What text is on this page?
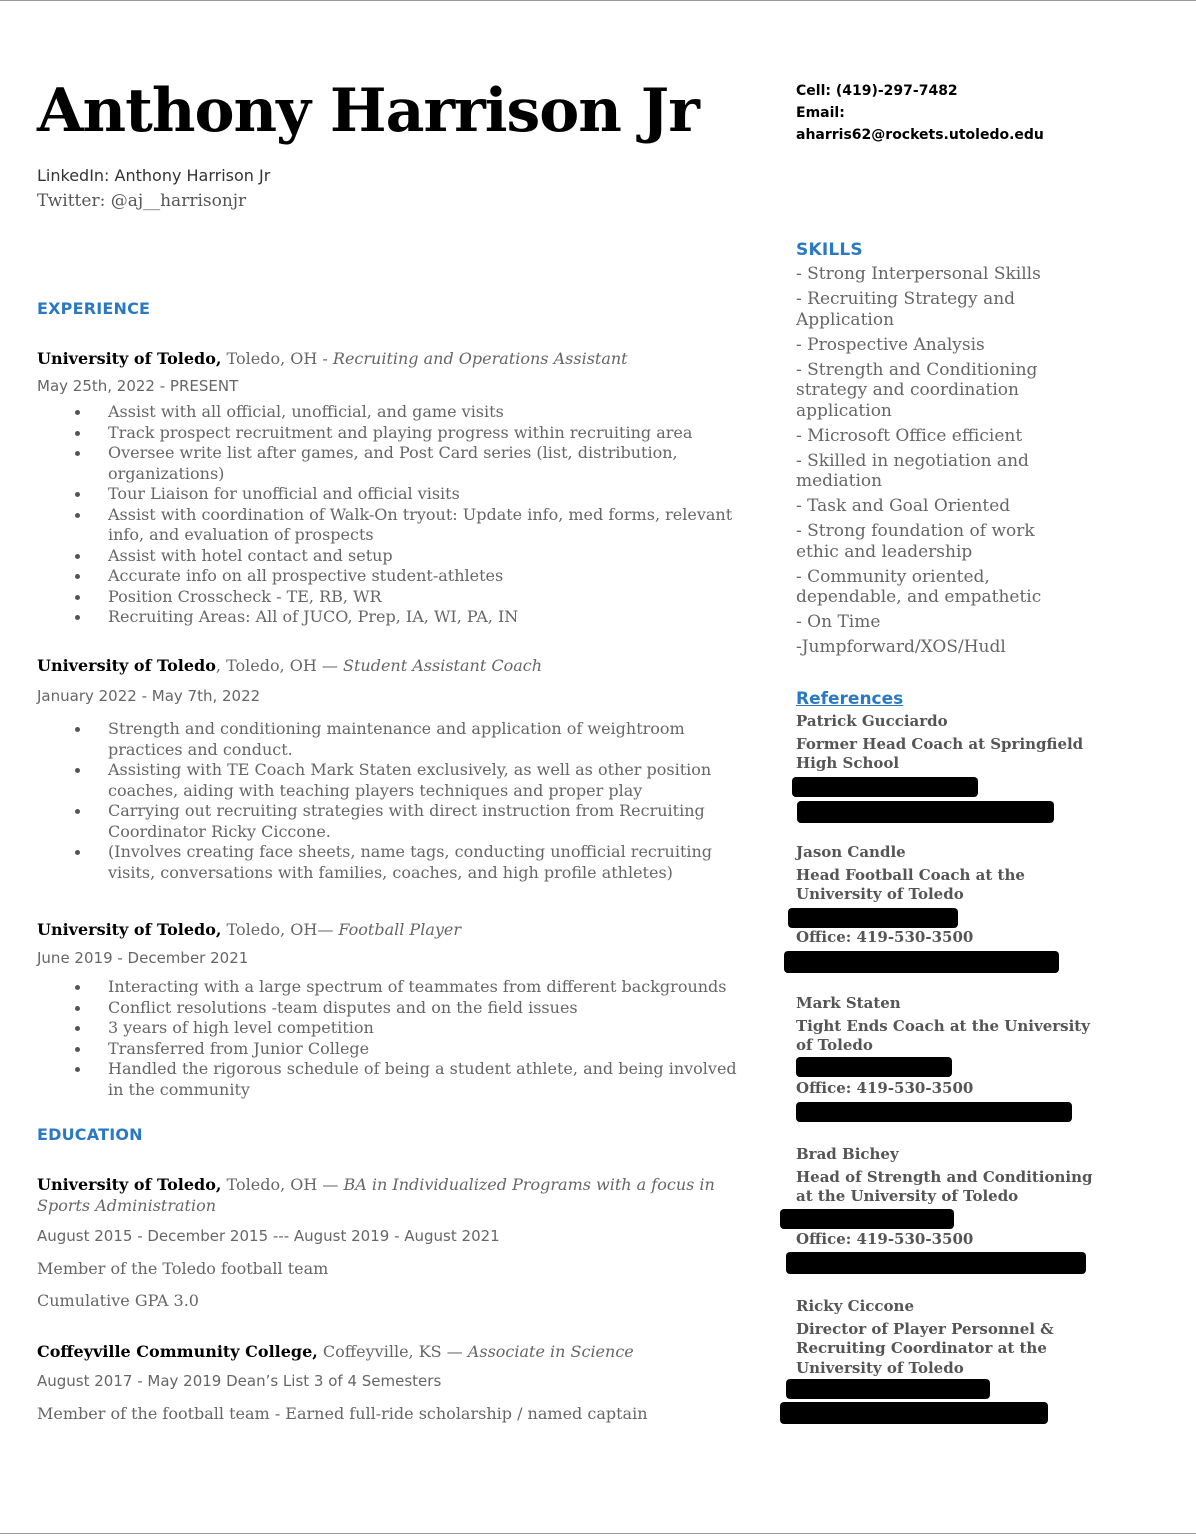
Anthony Harrison Jr
LinkedIn: Anthony Harrison Jr
Twitter: @aj__harrisonjr
Cell: (419)-297-7482
Email:
aharris62@rockets.utoledo.edu
EXPERIENCE
University of Toledo, Toledo, OH - Recruiting and Operations Assistant
May 25th, 2022 - PRESENT
Assist with all official, unofficial, and game visits
Track prospect recruitment and playing progress within recruiting area
Oversee write list after games, and Post Card series (list, distribution, organizations)
Tour Liaison for unofficial and official visits
Assist with coordination of Walk-On tryout: Update info, med forms, relevant info, and evaluation of prospects
Assist with hotel contact and setup
Accurate info on all prospective student-athletes
Position Crosscheck - TE, RB, WR
Recruiting Areas: All of JUCO, Prep, IA, WI, PA, IN
University of Toledo, Toledo, OH — Student Assistant Coach
January 2022 - May 7th, 2022
Strength and conditioning maintenance and application of weightroom practices and conduct.
Assisting with TE Coach Mark Staten exclusively, as well as other position coaches, aiding with teaching players techniques and proper play
Carrying out recruiting strategies with direct instruction from Recruiting Coordinator Ricky Ciccone.
(Involves creating face sheets, name tags, conducting unofficial recruiting visits, conversations with families, coaches, and high profile athletes)
University of Toledo, Toledo, OH— Football Player
June 2019 - December 2021
Interacting with a large spectrum of teammates from different backgrounds
Conflict resolutions -team disputes and on the field issues
3 years of high level competition
Transferred from Junior College
Handled the rigorous schedule of being a student athlete, and being involved in the community
EDUCATION
University of Toledo, Toledo, OH — BA in Individualized Programs with a focus in
Sports Administration
August 2015 - December 2015 --- August 2019 - August 2021
Member of the Toledo football team
Cumulative GPA 3.0
Coffeyville Community College, Coffeyville, KS — Associate in Science
August 2017 - May 2019 Dean’s List 3 of 4 Semesters
Member of the football team - Earned full-ride scholarship / named captain
SKILLS
- Strong Interpersonal Skills
- Recruiting Strategy and Application
- Prospective Analysis
- Strength and Conditioning strategy and coordination application
- Microsoft Office efficient
- Skilled in negotiation and mediation
- Task and Goal Oriented
- Strong foundation of work ethic and leadership
- Community oriented, dependable, and empathetic
- On Time
-Jumpforward/XOS/Hudl
References
Patrick Gucciardo
Former Head Coach at Springfield High School
Jason Candle
Head Football Coach at the University of Toledo
Office: 419-530-3500
Mark Staten
Tight Ends Coach at the University of Toledo
Office: 419-530-3500
Brad Bichey
Head of Strength and Conditioning at the University of Toledo
Office: 419-530-3500
Ricky Ciccone
Director of Player Personnel & Recruiting Coordinator at the University of Toledo
